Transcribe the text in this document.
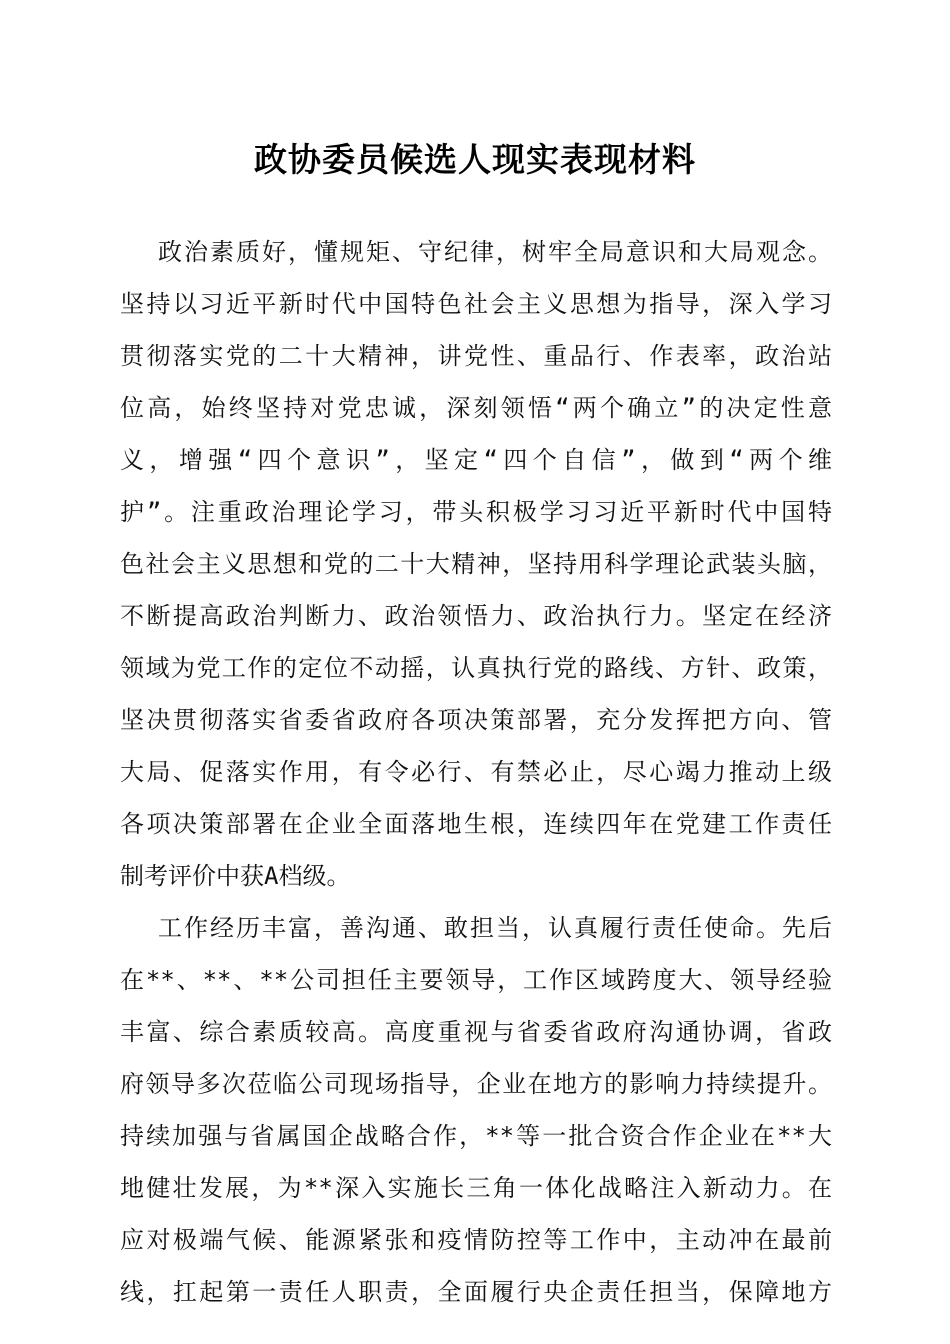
政协委员候选人现实表现材料
政治素质好，懂规矩、守纪律，树牢全局意识和大局观念。
坚持以习近平新时代中国特色社会主义思想为指导，深入学习
贯彻落实党的二十大精神，讲党性、重品行、作表率，政治站
位高，始终坚持对党忠诚，深刻领悟“两个确立”的决定性意
义，增强“四个意识”，坚定“四个自信”，做到“两个维
护”。注重政治理论学习，带头积极学习习近平新时代中国特
色社会主义思想和党的二十大精神，坚持用科学理论武装头脑，
不断提高政治判断力、政治领悟力、政治执行力。坚定在经济
领域为党工作的定位不动摇，认真执行党的路线、方针、政策，
坚决贯彻落实省委省政府各项决策部署，充分发挥把方向、管
大局、促落实作用，有令必行、有禁必止，尽心竭力推动上级
各项决策部署在企业全面落地生根，连续四年在党建工作责任
制考评价中获A档级。
工作经历丰富，善沟通、敢担当，认真履行责任使命。先后
在**、**、**公司担任主要领导，工作区域跨度大、领导经验
丰富、综合素质较高。高度重视与省委省政府沟通协调，省政
府领导多次莅临公司现场指导，企业在地方的影响力持续提升。
持续加强与省属国企战略合作，**等一批合资合作企业在**大
地健壮发展，为**深入实施长三角一体化战略注入新动力。在
应对极端气候、能源紧张和疫情防控等工作中，主动冲在最前
线，扛起第一责任人职责，全面履行央企责任担当，保障地方
